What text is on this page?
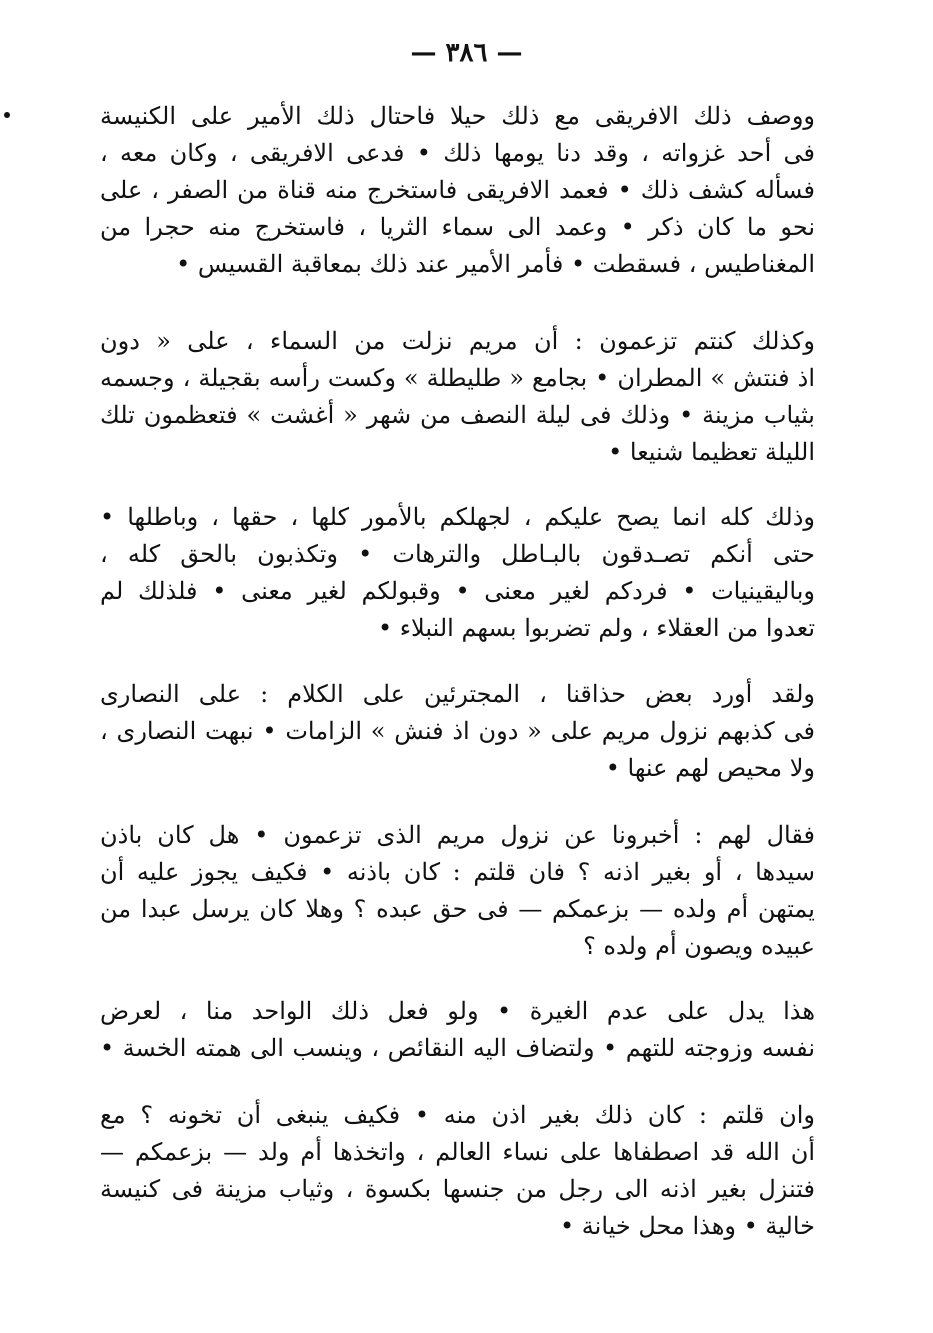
— ٣٨٦ —
ووصف ذلك الافريقى مع ذلك حيلا فاحتال ذلك الأمير على الكنيسة
فى أحد غزواته ، وقد دنا يومها ذلك • فدعى الافريقى ، وكان معه ،
فسأله كشف ذلك • فعمد الافريقى فاستخرج منه قناة من الصفر ، على
نحو ما كان ذكر • وعمد الى سماء الثريا ، فاستخرج منه حجرا من
المغناطيس ، فسقطت • فأمر الأمير عند ذلك بمعاقبة القسيس •
وكذلك كنتم تزعمون : أن مريم نزلت من السماء ، على « دون
اذ فنتش » المطران • بجامع « طليطلة » وكست رأسه بقجيلة ، وجسمه
بثياب مزينة • وذلك فى ليلة النصف من شهر « أغشت » فتعظمون تلك
الليلة تعظيما شنيعا •
وذلك كله انما يصح عليكم ، لجهلكم بالأمور كلها ، حقها ، وباطلها •
حتى أنكم تصـدقون بالبـاطل والترهات • وتكذبون بالحق كله ،
وباليقينيات • فردكم لغير معنى • وقبولكم لغير معنى • فلذلك لم
تعدوا من العقلاء ، ولم تضربوا بسهم النبلاء •
ولقد أورد بعض حذاقنا ، المجترئين على الكلام : على النصارى
فى كذبهم نزول مريم على « دون اذ فنش » الزامات • نبهت النصارى ،
ولا محيص لهم عنها •
فقال لهم : أخبرونا عن نزول مريم الذى تزعمون • هل كان باذن
سيدها ، أو بغير اذنه ؟ فان قلتم : كان باذنه • فكيف يجوز عليه أن
يمتهن أم ولده — بزعمكم — فى حق عبده ؟ وهلا كان يرسل عبدا من
عبيده ويصون أم ولده ؟
هذا يدل على عدم الغيرة • ولو فعل ذلك الواحد منا ، لعرض
نفسه وزوجته للتهم • ولتضاف اليه النقائص ، وينسب الى همته الخسة •
وان قلتم : كان ذلك بغير اذن منه • فكيف ينبغى أن تخونه ؟ مع
أن الله قد اصطفاها على نساء العالم ، واتخذها أم ولد — بزعمكم —
فتنزل بغير اذنه الى رجل من جنسها بكسوة ، وثياب مزينة فى كنيسة
خالية • وهذا محل خيانة •
